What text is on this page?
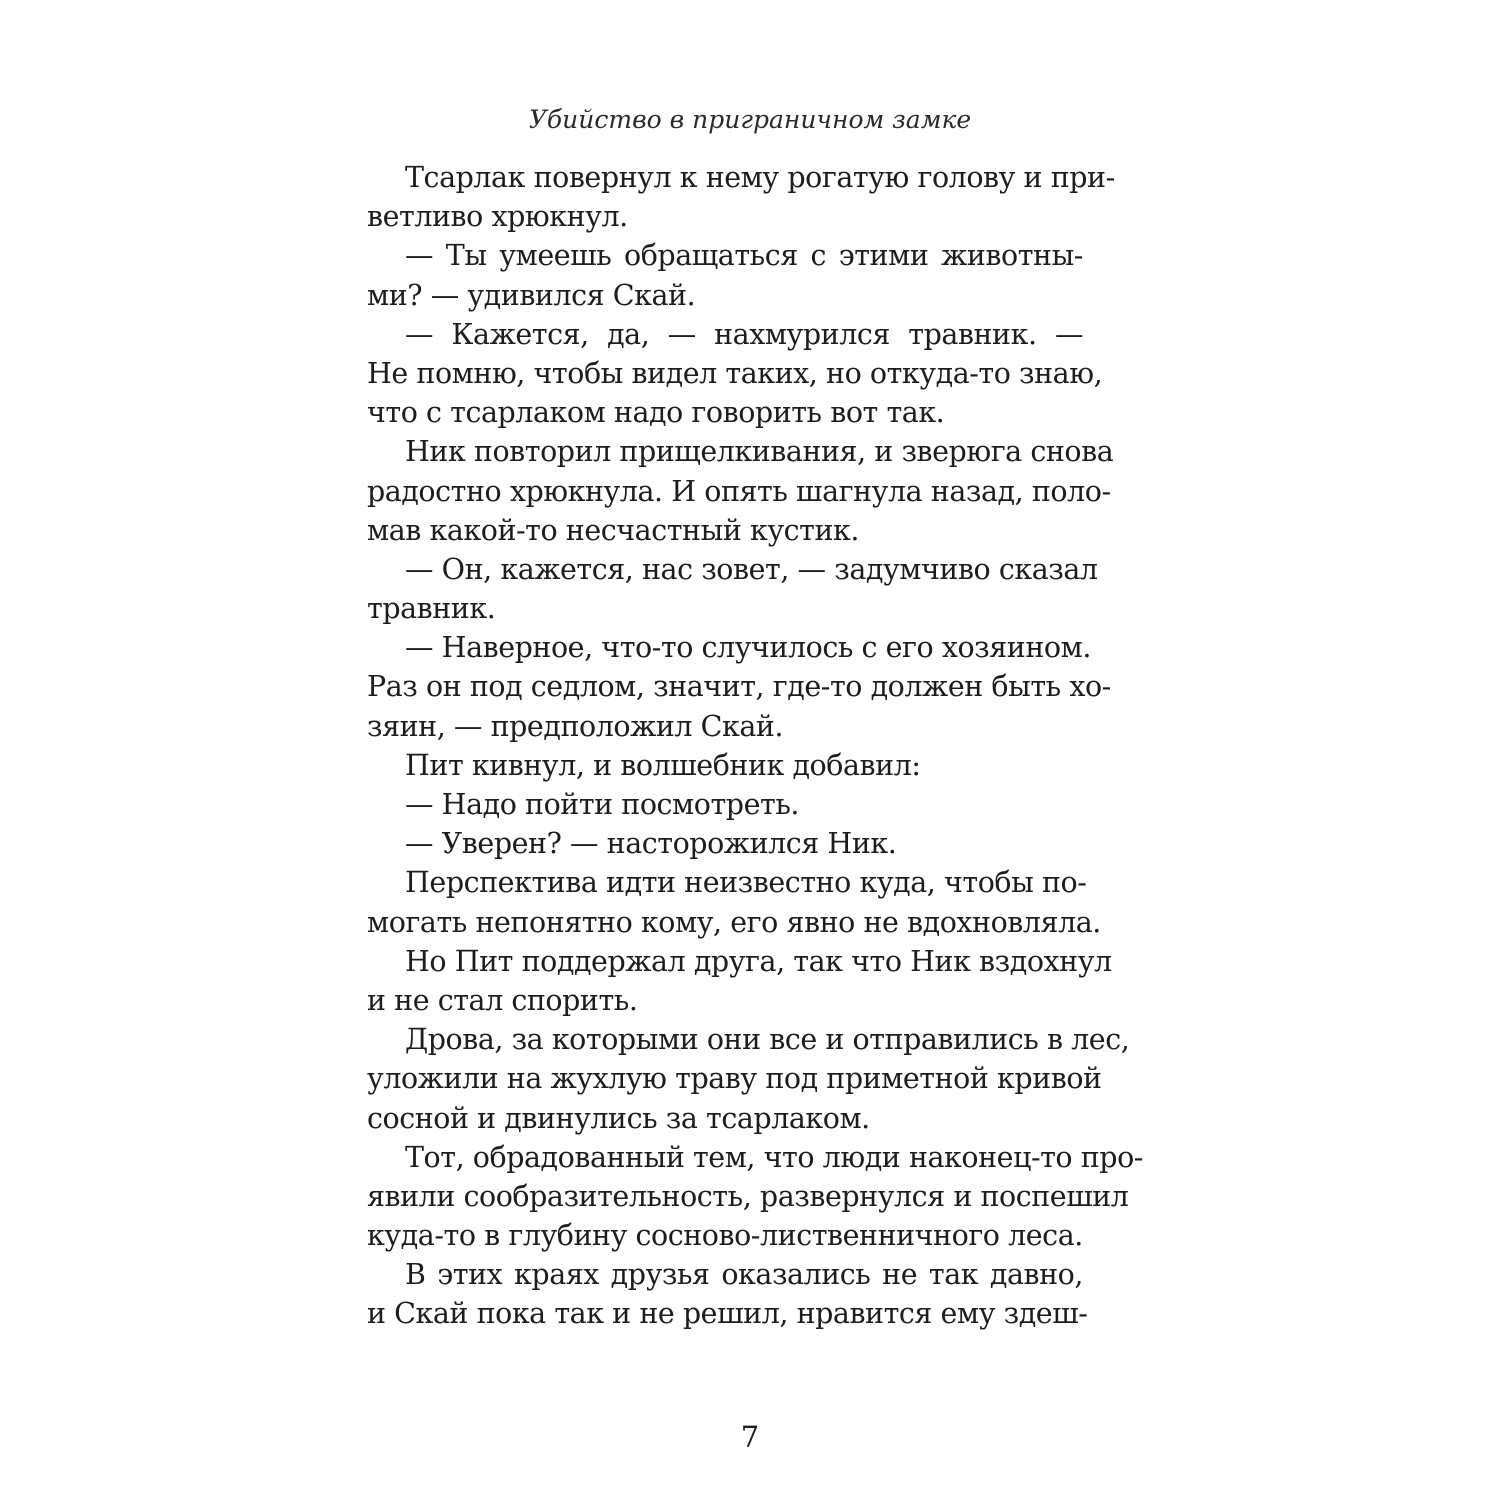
Убийство в приграничном замке
Тсарлак повернул к нему рогатую голову и при-
ветливо хрюкнул.
— Ты умеешь обращаться с этими животны-
ми? — удивился Скай.
— Кажется, да, — нахмурился травник. —
Не помню, чтобы видел таких, но откуда-то знаю,
что с тсарлаком надо говорить вот так.
Ник повторил прищелкивания, и зверюга снова
радостно хрюкнула. И опять шагнула назад, поло-
мав какой-то несчастный кустик.
— Он, кажется, нас зовет, — задумчиво сказал
травник.
— Наверное, что-то случилось с его хозяином.
Раз он под седлом, значит, где-то должен быть хо-
зяин, — предположил Скай.
Пит кивнул, и волшебник добавил:
— Надо пойти посмотреть.
— Уверен? — насторожился Ник.
Перспектива идти неизвестно куда, чтобы по-
могать непонятно кому, его явно не вдохновляла.
Но Пит поддержал друга, так что Ник вздохнул
и не стал спорить.
Дрова, за которыми они все и отправились в лес,
уложили на жухлую траву под приметной кривой
сосной и двинулись за тсарлаком.
Тот, обрадованный тем, что люди наконец-то про-
явили сообразительность, развернулся и поспешил
куда-то в глубину сосново-лиственничного леса.
В этих краях друзья оказались не так давно,
и Скай пока так и не решил, нравится ему здеш-
7
